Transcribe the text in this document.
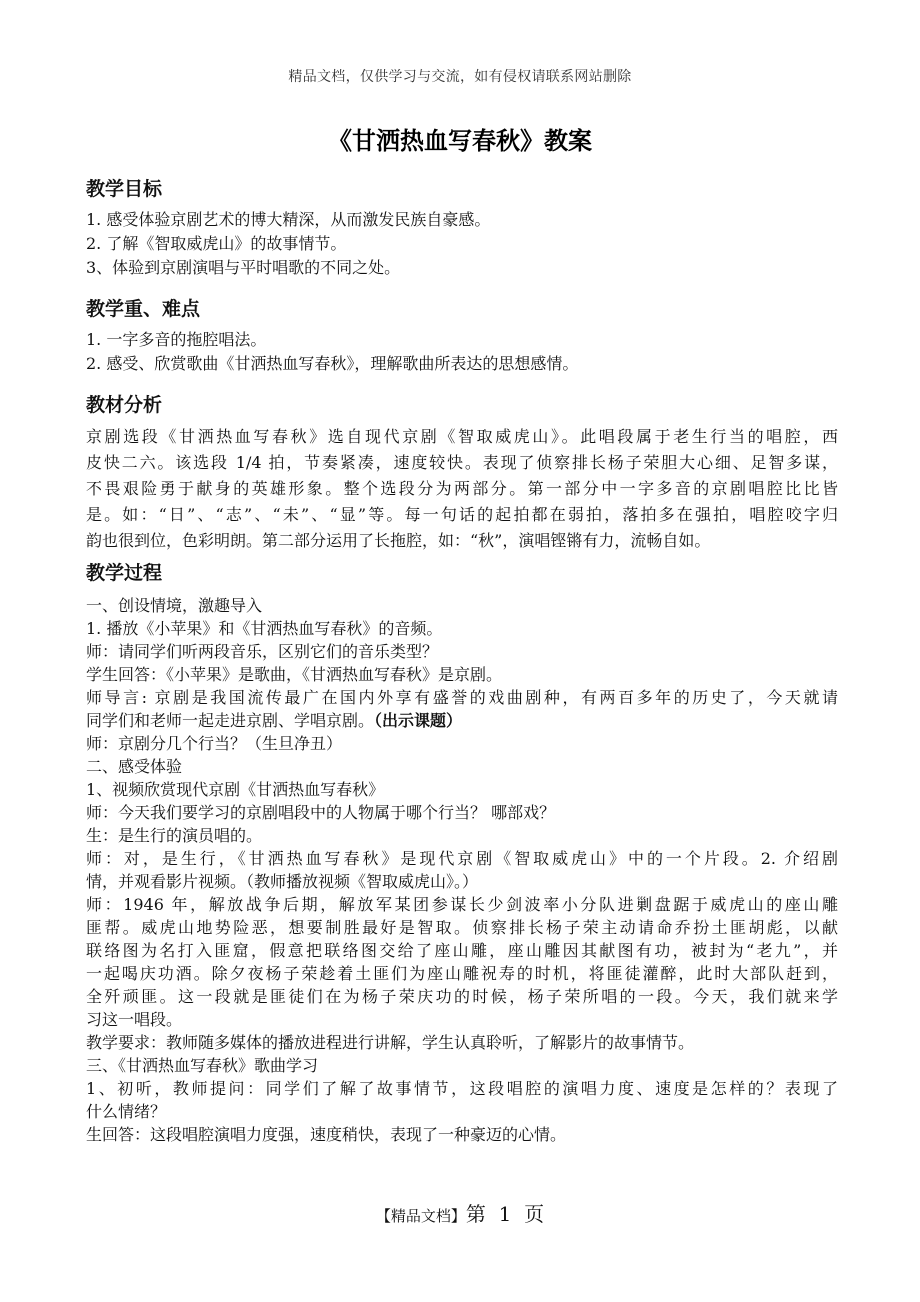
精品文档，仅供学习与交流，如有侵权请联系网站删除
《甘洒热血写春秋》教案
教学目标
1. 感受体验京剧艺术的博大精深，从而激发民族自豪感。
2. 了解《智取威虎山》的故事情节。
3、体验到京剧演唱与平时唱歌的不同之处。
教学重、难点
1. 一字多音的拖腔唱法。
2. 感受、欣赏歌曲《甘洒热血写春秋》，理解歌曲所表达的思想感情。
教材分析
京剧选段《甘洒热血写春秋》选自现代京剧《智取威虎山》。此唱段属于老生行当的唱腔，西
皮快二六。该选段 1/4 拍，节奏紧凑，速度较快。表现了侦察排长杨子荣胆大心细、足智多谋，
不畏艰险勇于献身的英雄形象。整个选段分为两部分。第一部分中一字多音的京剧唱腔比比皆
是。如：“日”、“志”、“未”、“显”等。每一句话的起拍都在弱拍，落拍多在强拍，唱腔咬字归
韵也很到位，色彩明朗。第二部分运用了长拖腔，如：“秋”，演唱铿锵有力，流畅自如。
教学过程
一、创设情境，激趣导入
1. 播放《小苹果》和《甘洒热血写春秋》的音频。
师：请同学们听两段音乐，区别它们的音乐类型？
学生回答：《小苹果》是歌曲，《甘洒热血写春秋》是京剧。
师导言: 京剧是我国流传最广在国内外享有盛誉的戏曲剧种，有两百多年的历史了，今天就请
同学们和老师一起走进京剧、学唱京剧。（出示课题）
师：京剧分几个行当？（生旦净丑）
二、感受体验
1、视频欣赏现代京剧《甘洒热血写春秋》
师：今天我们要学习的京剧唱段中的人物属于哪个行当？ 哪部戏？
生：是生行的演员唱的。
师：对，是生行，《甘洒热血写春秋》是现代京剧《智取威虎山》中的一个片段。2. 介绍剧
情，并观看影片视频。（教师播放视频《智取威虎山》。）
师：1946 年，解放战争后期，解放军某团参谋长少剑波率小分队进剿盘踞于威虎山的座山雕
匪帮。威虎山地势险恶，想要制胜最好是智取。侦察排长杨子荣主动请命乔扮土匪胡彪，以献
联络图为名打入匪窟，假意把联络图交给了座山雕，座山雕因其献图有功，被封为“老九”，并
一起喝庆功酒。除夕夜杨子荣趁着土匪们为座山雕祝寿的时机，将匪徒灌醉，此时大部队赶到，
全歼顽匪。这一段就是匪徒们在为杨子荣庆功的时候，杨子荣所唱的一段。今天，我们就来学
习这一唱段。
教学要求：教师随多媒体的播放进程进行讲解，学生认真聆听，了解影片的故事情节。
三、《甘洒热血写春秋》歌曲学习
1、初听，教师提问：同学们了解了故事情节，这段唱腔的演唱力度、速度是怎样的？表现了
什么情绪？
生回答：这段唱腔演唱力度强，速度稍快，表现了一种豪迈的心情。
【精品文档】第  1  页
